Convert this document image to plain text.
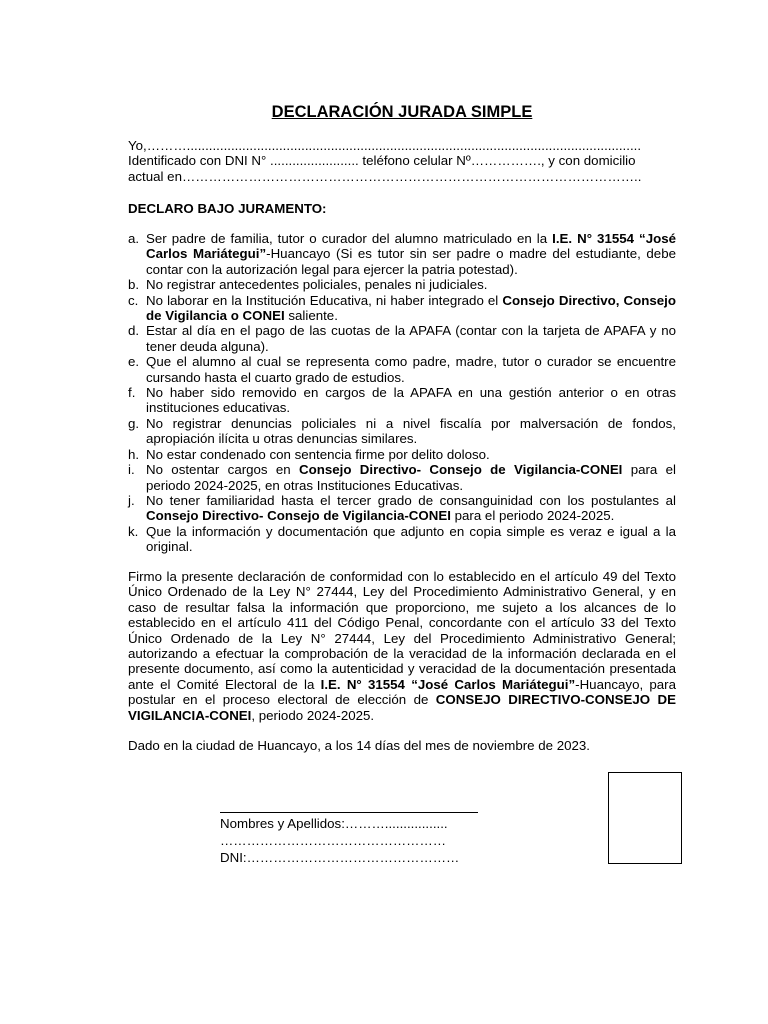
DECLARACIÓN JURADA SIMPLE
Yo,………...........................................................................................................................
Identificado con DNI N° ........................ teléfono celular Nº……………., y con domicilio
actual en…………………………………………………………………………………………..
DECLARO BAJO JURAMENTO:
a. Ser padre de familia, tutor o curador del alumno matriculado en la I.E. N° 31554 “José Carlos Mariátegui”-Huancayo (Si es tutor sin ser padre o madre del estudiante, debe contar con la autorización legal para ejercer la patria potestad).
b. No registrar antecedentes policiales, penales ni judiciales.
c. No laborar en la Institución Educativa, ni haber integrado el Consejo Directivo, Consejo de Vigilancia o CONEI saliente.
d. Estar al día en el pago de las cuotas de la APAFA (contar con la tarjeta de APAFA y no tener deuda alguna).
e. Que el alumno al cual se representa como padre, madre, tutor o curador se encuentre cursando hasta el cuarto grado de estudios.
f. No haber sido removido en cargos de la APAFA en una gestión anterior o en otras instituciones educativas.
g. No registrar denuncias policiales ni a nivel fiscalía por malversación de fondos, apropiación ilícita u otras denuncias similares.
h. No estar condenado con sentencia firme por delito doloso.
i. No ostentar cargos en Consejo Directivo- Consejo de Vigilancia-CONEI para el periodo 2024-2025, en otras Instituciones Educativas.
j. No tener familiaridad hasta el tercer grado de consanguinidad con los postulantes al Consejo Directivo- Consejo de Vigilancia-CONEI para el periodo 2024-2025.
k. Que la información y documentación que adjunto en copia simple es veraz e igual a la original.
Firmo la presente declaración de conformidad con lo establecido en el artículo 49 del Texto Único Ordenado de la Ley N° 27444, Ley del Procedimiento Administrativo General, y en caso de resultar falsa la información que proporciono, me sujeto a los alcances de lo establecido en el artículo 411 del Código Penal, concordante con el artículo 33 del Texto Único Ordenado de la Ley N° 27444, Ley del Procedimiento Administrativo General; autorizando a efectuar la comprobación de la veracidad de la información declarada en el presente documento, así como la autenticidad y veracidad de la documentación presentada ante el Comité Electoral de la I.E. N° 31554 “José Carlos Mariátegui”-Huancayo, para postular en el proceso electoral de elección de CONSEJO DIRECTIVO-CONSEJO DE VIGILANCIA-CONEI, periodo 2024-2025.
Dado en la ciudad de Huancayo, a los 14 días del mes de noviembre de 2023.
Nombres y Apellidos:……….................
……………………………………………
DNI:…………………………………………
